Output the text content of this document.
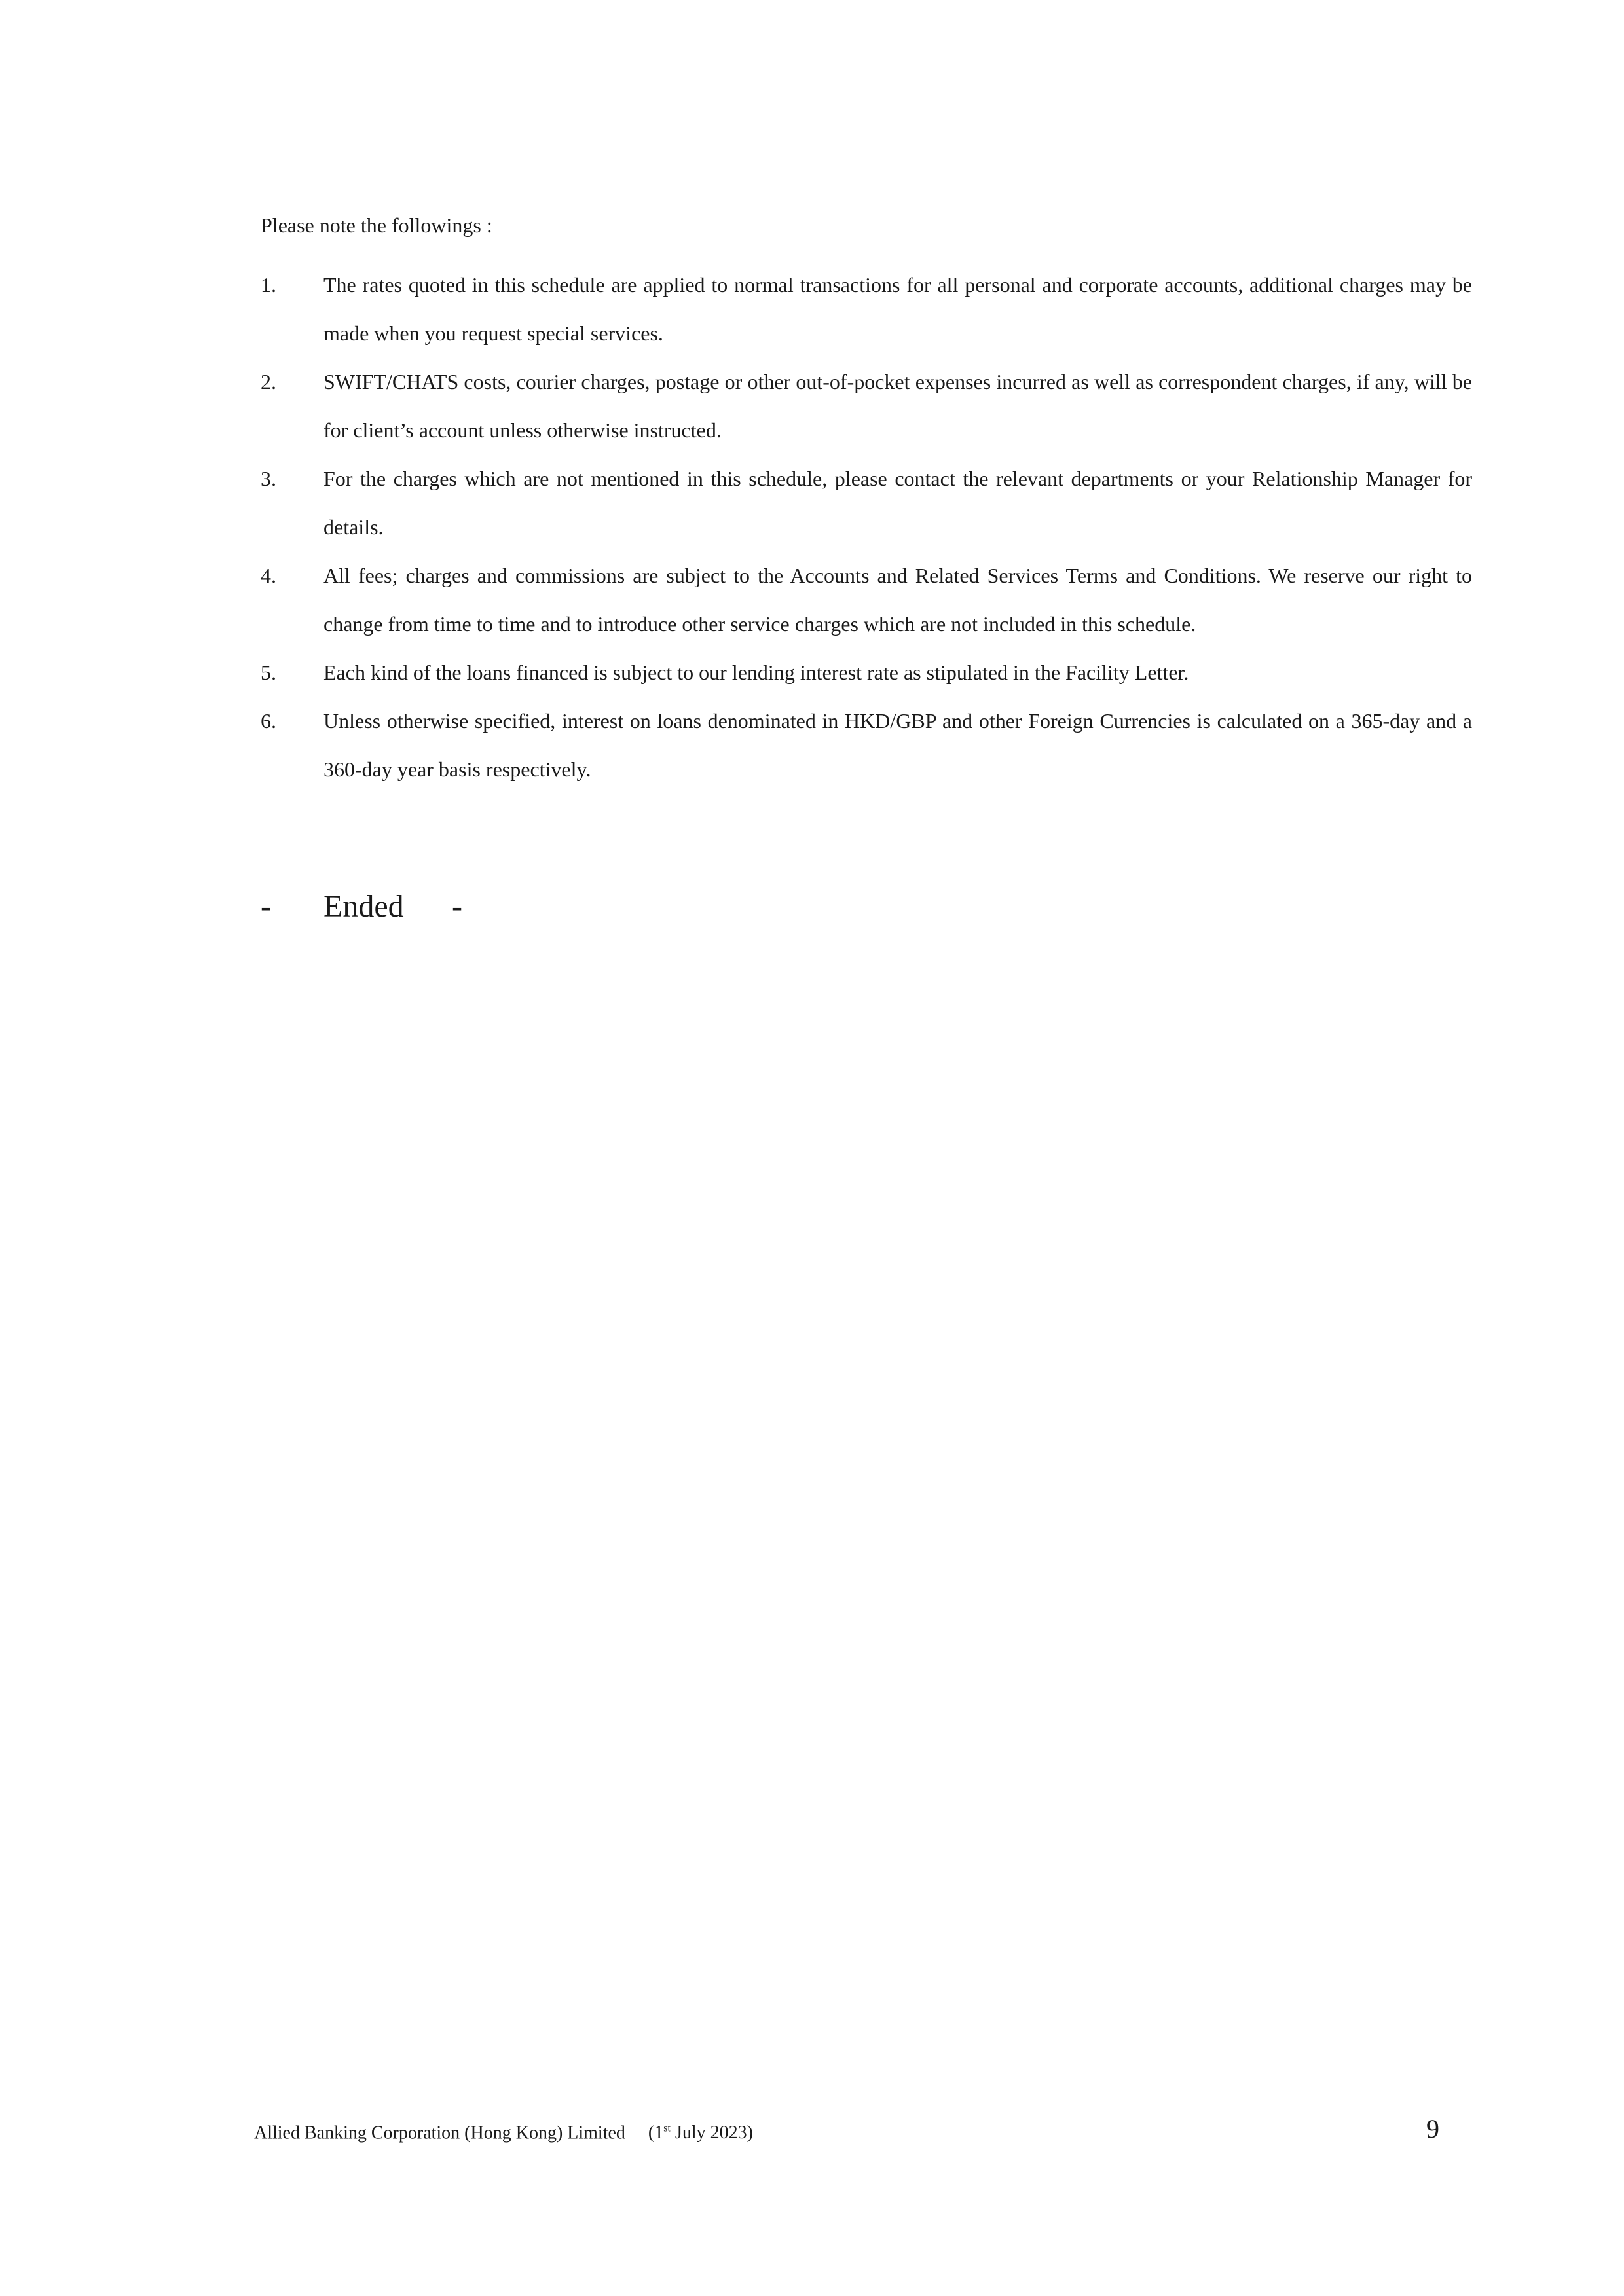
Please note the followings :
1.	The rates quoted in this schedule are applied to normal transactions for all personal and corporate accounts, additional charges may be made when you request special services.
2.	SWIFT/CHATS costs, courier charges, postage or other out-of-pocket expenses incurred as well as correspondent charges, if any, will be for client’s account unless otherwise instructed.
3.	For the charges which are not mentioned in this schedule, please contact the relevant departments or your Relationship Manager for details.
4.	All fees; charges and commissions are subject to the Accounts and Related Services Terms and Conditions. We reserve our right to change from time to time and to introduce other service charges which are not included in this schedule.
5.	Each kind of the loans financed is subject to our lending interest rate as stipulated in the Facility Letter.
6.	Unless otherwise specified, interest on loans denominated in HKD/GBP and other Foreign Currencies is calculated on a 365-day and a 360-day year basis respectively.
- Ended -
Allied Banking Corporation (Hong Kong) Limited (1st July 2023)	9
